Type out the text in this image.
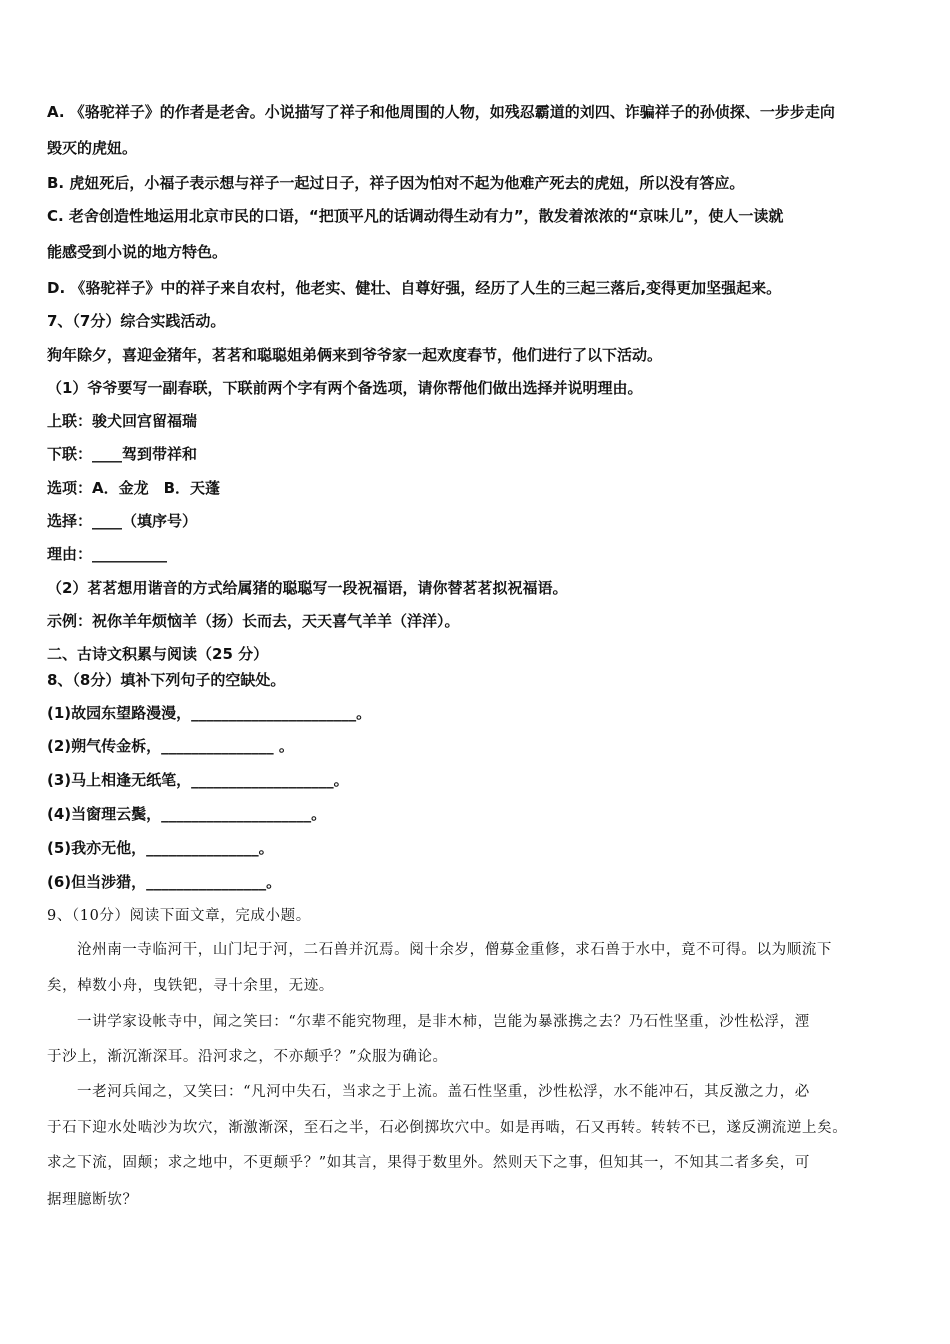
A. 《骆驼祥子》的作者是老舍。小说描写了祥子和他周围的人物，如残忍霸道的刘四、诈骗祥子的孙侦探、一步步走向
毁灭的虎妞。
B. 虎妞死后，小福子表示想与祥子一起过日子，祥子因为怕对不起为他难产死去的虎妞，所以没有答应。
C. 老舍创造性地运用北京市民的口语，“把顶平凡的话调动得生动有力”，散发着浓浓的“京味儿”，使人一读就
能感受到小说的地方特色。
D. 《骆驼祥子》中的祥子来自农村，他老实、健壮、自尊好强，经历了人生的三起三落后,变得更加坚强起来。
7、（7分）综合实践活动。
狗年除夕，喜迎金猪年，茗茗和聪聪姐弟俩来到爷爷家一起欢度春节，他们进行了以下活动。
（1）爷爷要写一副春联，下联前两个字有两个备选项，请你帮他们做出选择并说明理由。
上联：骏犬回宫留福瑞
下联：____驾到带祥和
选项：A．金龙　B．天蓬
选择：____（填序号）
理由：__________
（2）茗茗想用谐音的方式给属猪的聪聪写一段祝福语，请你替茗茗拟祝福语。
示例：祝你羊年烦恼羊（扬）长而去，天天喜气羊羊（洋洋）。
二、古诗文积累与阅读（25 分）
8、（8分）填补下列句子的空缺处。
(1)故园东望路漫漫，______________________。
(2)朔气传金柝，_______________ 。
(3)马上相逢无纸笔，___________________。
(4)当窗理云鬓，____________________。
(5)我亦无他，_______________。
(6)但当涉猎，________________。
9、（10分）阅读下面文章，完成小题。
沧州南一寺临河干，山门圮于河，二石兽并沉焉。阅十余岁，僧募金重修，求石兽于水中，竟不可得。以为顺流下
矣，棹数小舟，曳铁钯，寻十余里，无迹。
一讲学家设帐寺中，闻之笑曰：“尔辈不能究物理，是非木柿，岂能为暴涨携之去？乃石性坚重，沙性松浮，湮
于沙上，渐沉渐深耳。沿河求之，不亦颠乎？”众服为确论。
一老河兵闻之，又笑曰：“凡河中失石，当求之于上流。盖石性坚重，沙性松浮，水不能冲石，其反激之力，必
于石下迎水处啮沙为坎穴，渐激渐深，至石之半，石必倒掷坎穴中。如是再啮，石又再转。转转不已，遂反溯流逆上矣。
求之下流，固颠；求之地中，不更颠乎？”如其言，果得于数里外。然则天下之事，但知其一，不知其二者多矣，可
据理臆断欤？
